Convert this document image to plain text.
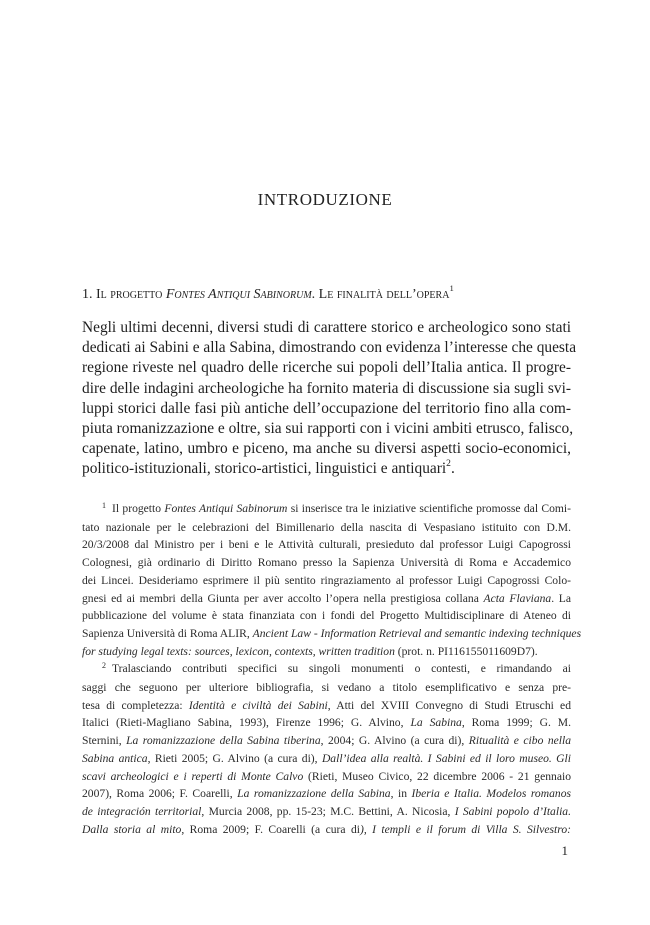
INTRODUZIONE
1. Il progetto Fontes Antiqui Sabinorum. Le finalità dell’opera$^1$
Negli ultimi decenni, diversi studi di carattere storico e archeologico sono stati
dedicati ai Sabini e alla Sabina, dimostrando con evidenza l’interesse che questa
regione riveste nel quadro delle ricerche sui popoli dell’Italia antica. Il progre-
dire delle indagini archeologiche ha fornito materia di discussione sia sugli svi-
luppi storici dalle fasi più antiche dell’occupazione del territorio fino alla com-
piuta romanizzazione e oltre, sia sui rapporti con i vicini ambiti etrusco, falisco,
capenate, latino, umbro e piceno, ma anche su diversi aspetti socio-economici,
politico-istituzionali, storico-artistici, linguistici e antiquari$^2$.
$^1$ Il progetto Fontes Antiqui Sabinorum si inserisce tra le iniziative scientifiche promosse dal Comi-
tato nazionale per le celebrazioni del Bimillenario della nascita di Vespasiano istituito con D.M.
20/3/2008 dal Ministro per i beni e le Attività culturali, presieduto dal professor Luigi Capogrossi
Colognesi, già ordinario di Diritto Romano presso la Sapienza Università di Roma e Accademico
dei Lincei. Desideriamo esprimere il più sentito ringraziamento al professor Luigi Capogrossi Colo-
gnesi ed ai membri della Giunta per aver accolto l’opera nella prestigiosa collana Acta Flaviana. La
pubblicazione del volume è stata finanziata con i fondi del Progetto Multidisciplinare di Ateneo di
Sapienza Università di Roma ALIR, Ancient Law - Information Retrieval and semantic indexing techniques
for studying legal texts: sources, lexicon, contexts, written tradition (prot. n. PI116155011609D7).
$^2$ Tralasciando contributi specifici su singoli monumenti o contesti, e rimandando ai
saggi che seguono per ulteriore bibliografia, si vedano a titolo esemplificativo e senza pre-
tesa di completezza: Identità e civiltà dei Sabini, Atti del XVIII Convegno di Studi Etruschi ed
Italici (Rieti-Magliano Sabina, 1993), Firenze 1996; G. Alvino, La Sabina, Roma 1999; G. M.
Sternini, La romanizzazione della Sabina tiberina, 2004; G. Alvino (a cura di), Ritualità e cibo nella
Sabina antica, Rieti 2005; G. Alvino (a cura di), Dall’idea alla realtà. I Sabini ed il loro museo. Gli
scavi archeologici e i reperti di Monte Calvo (Rieti, Museo Civico, 22 dicembre 2006 - 21 gennaio
2007), Roma 2006; F. Coarelli, La romanizzazione della Sabina, in Iberia e Italia. Modelos romanos
de integración territorial, Murcia 2008, pp. 15-23; M.C. Bettini, A. Nicosia, I Sabini popolo d’Italia.
Dalla storia al mito, Roma 2009; F. Coarelli (a cura di), I templi e il forum di Villa S. Silvestro:
1
